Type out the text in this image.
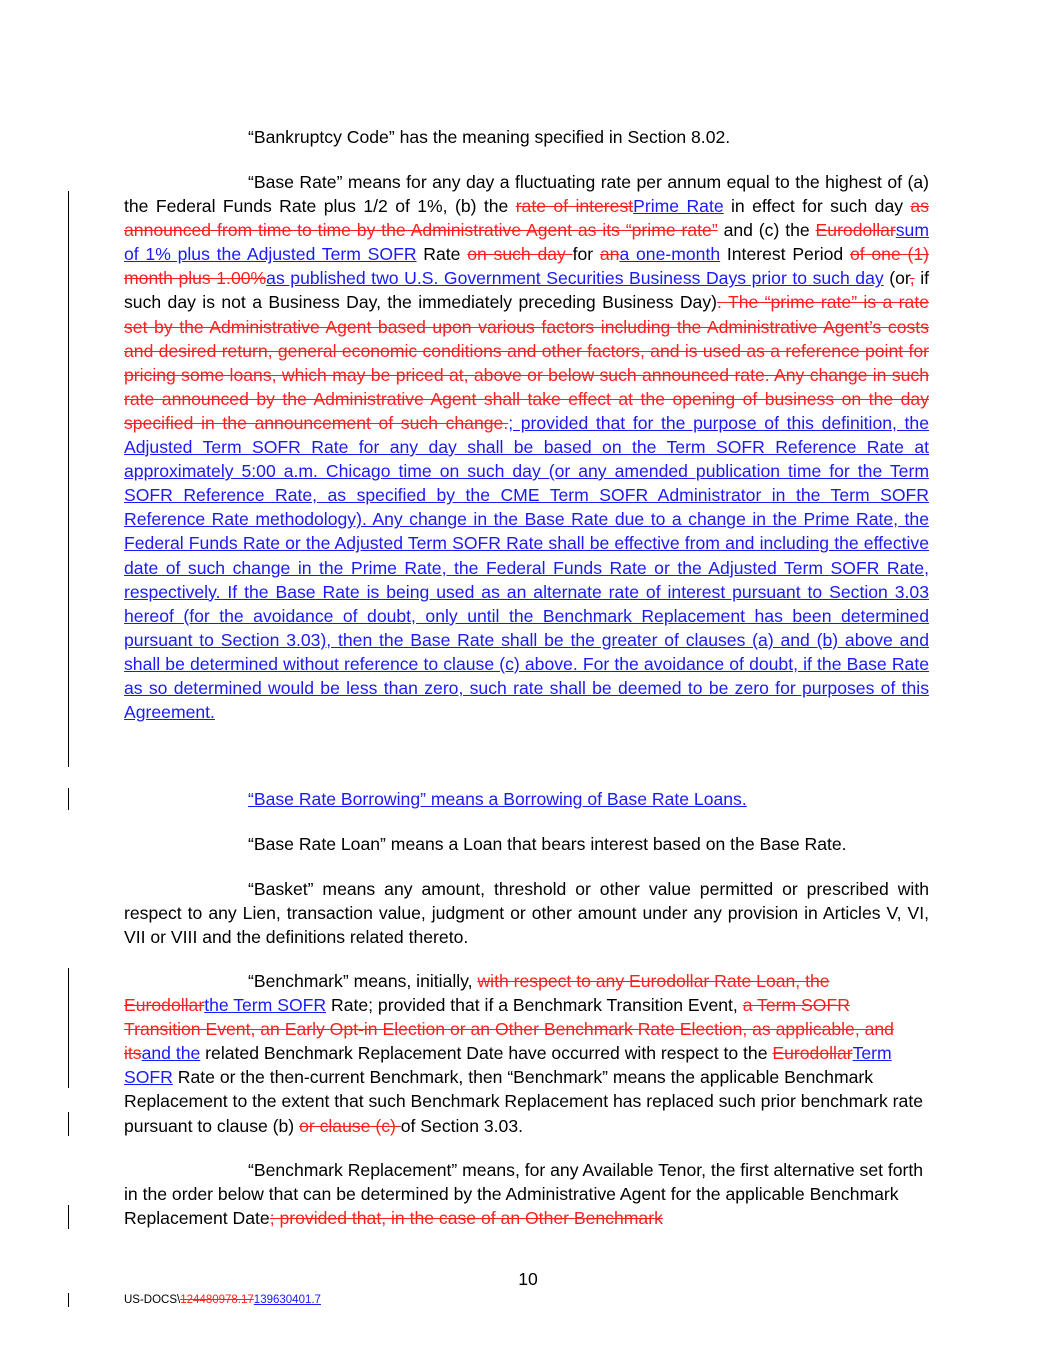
“Bankruptcy Code” has the meaning specified in Section 8.02.
“Base Rate” means for any day a fluctuating rate per annum equal to the highest of (a) the Federal Funds Rate plus 1/2 of 1%, (b) the rate of interestPrime Rate in effect for such day as announced from time to time by the Administrative Agent as its “prime rate” and (c) the Eurodollarsum of 1% plus the Adjusted Term SOFR Rate on such day for ana one-month Interest Period of one (1) month plus 1.00%as published two U.S. Government Securities Business Days prior to such day (or, if such day is not a Business Day, the immediately preceding Business Day). The “prime rate” is a rate set by the Administrative Agent based upon various factors including the Administrative Agent’s costs and desired return, general economic conditions and other factors, and is used as a reference point for pricing some loans, which may be priced at, above or below such announced rate. Any change in such rate announced by the Administrative Agent shall take effect at the opening of business on the day specified in the announcement of such change.; provided that for the purpose of this definition, the Adjusted Term SOFR Rate for any day shall be based on the Term SOFR Reference Rate at approximately 5:00 a.m. Chicago time on such day (or any amended publication time for the Term SOFR Reference Rate, as specified by the CME Term SOFR Administrator in the Term SOFR Reference Rate methodology). Any change in the Base Rate due to a change in the Prime Rate, the Federal Funds Rate or the Adjusted Term SOFR Rate shall be effective from and including the effective date of such change in the Prime Rate, the Federal Funds Rate or the Adjusted Term SOFR Rate, respectively. If the Base Rate is being used as an alternate rate of interest pursuant to Section 3.03 hereof (for the avoidance of doubt, only until the Benchmark Replacement has been determined pursuant to Section 3.03), then the Base Rate shall be the greater of clauses (a) and (b) above and shall be determined without reference to clause (c) above. For the avoidance of doubt, if the Base Rate as so determined would be less than zero, such rate shall be deemed to be zero for purposes of this Agreement.
“Base Rate Borrowing” means a Borrowing of Base Rate Loans.
“Base Rate Loan” means a Loan that bears interest based on the Base Rate.
“Basket” means any amount, threshold or other value permitted or prescribed with respect to any Lien, transaction value, judgment or other amount under any provision in Articles V, VI, VII or VIII and the definitions related thereto.
“Benchmark” means, initially, with respect to any Eurodollar Rate Loan, the Eurodollarthe Term SOFR Rate; provided that if a Benchmark Transition Event, a Term SOFR Transition Event, an Early Opt-in Election or an Other Benchmark Rate Election, as applicable, and itsand the related Benchmark Replacement Date have occurred with respect to the EurodollarTerm SOFR Rate or the then-current Benchmark, then “Benchmark” means the applicable Benchmark Replacement to the extent that such Benchmark Replacement has replaced such prior benchmark rate pursuant to clause (b) or clause (c) of Section 3.03.
“Benchmark Replacement” means, for any Available Tenor, the first alternative set forth in the order below that can be determined by the Administrative Agent for the applicable Benchmark Replacement Date; provided that, in the case of an Other Benchmark
10
US-DOCS\124480978.17139630401.7
